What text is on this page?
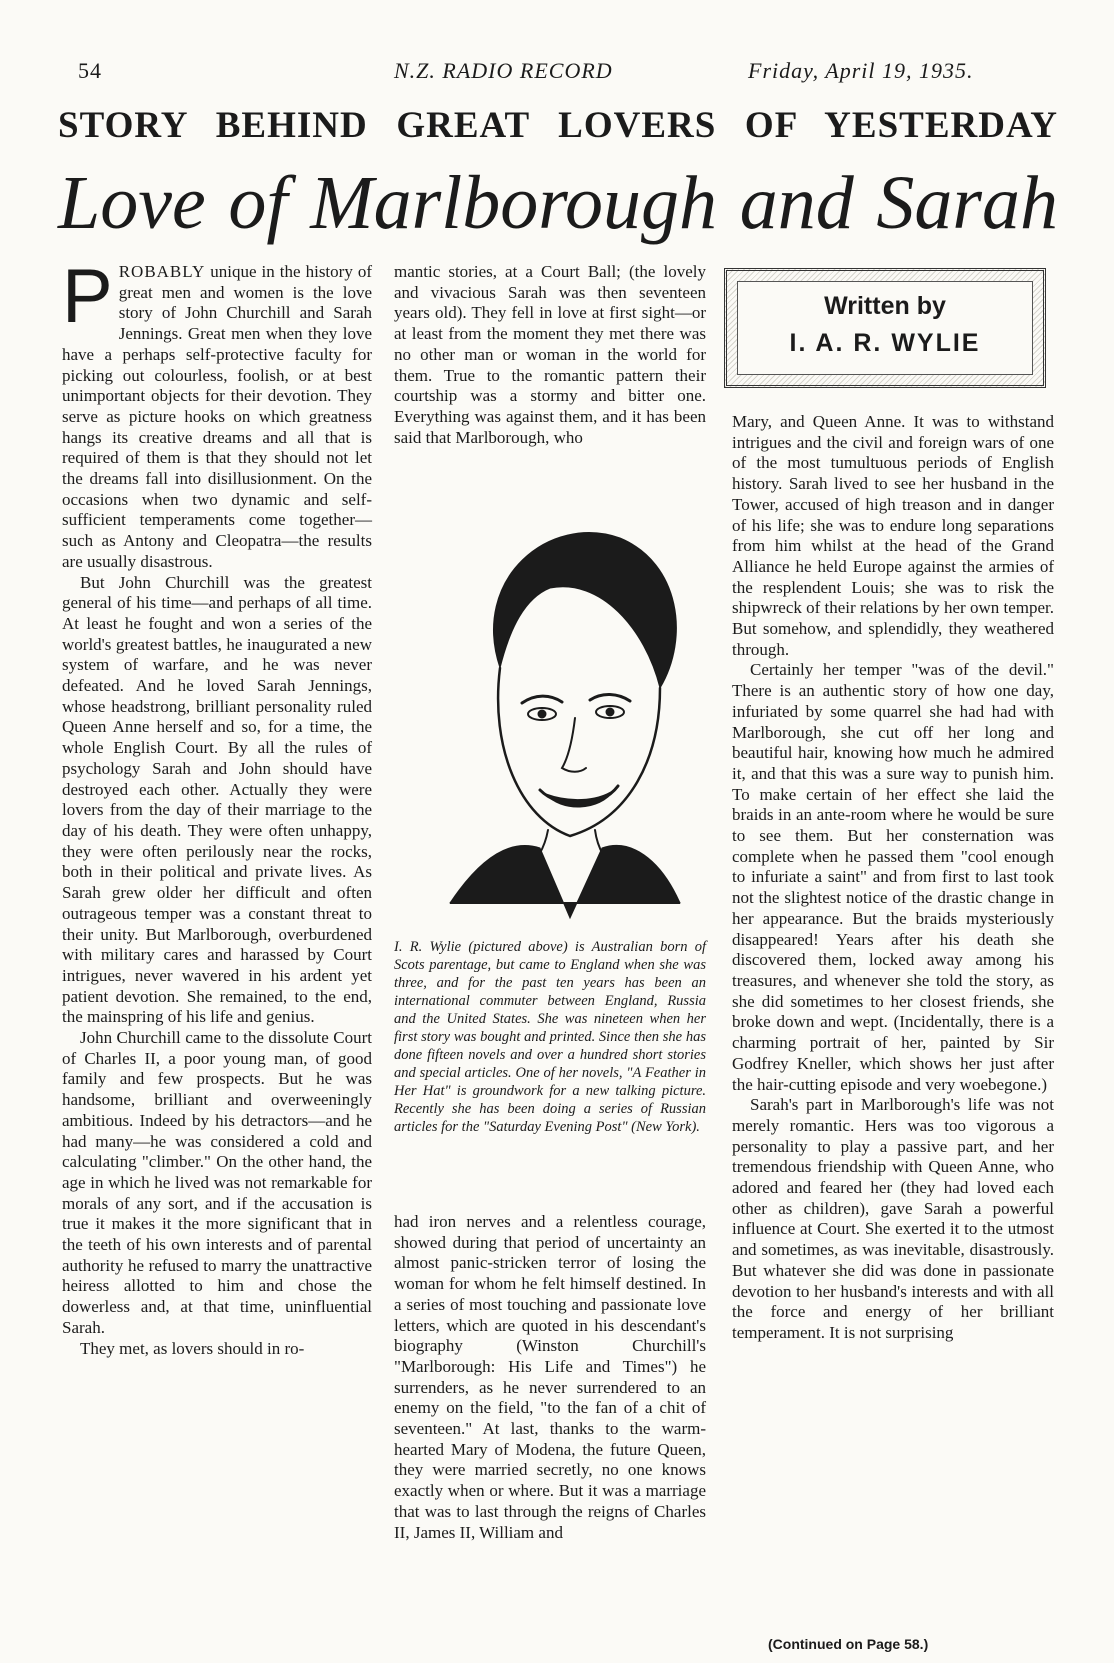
54	N.Z. RADIO RECORD	Friday, April 19, 1935.
STORY BEHIND GREAT LOVERS OF YESTERDAY
Love of Marlborough and Sarah

PROBABLY unique in the history of great men and women is the love story of John Churchill and Sarah Jennings. Great men when they love have a perhaps self-protective faculty for picking out colourless, foolish, or at best unimportant objects for their devotion. They serve as picture hooks on which greatness hangs its creative dreams and all that is required of them is that they should not let the dreams fall into disillusionment. On the occasions when two dynamic and self-sufficient temperaments come together—such as Antony and Cleopatra—the results are usually disastrous.

But John Churchill was the greatest general of his time—and perhaps of all time. At least he fought and won a series of the world's greatest battles, he inaugurated a new system of warfare, and he was never defeated. And he loved Sarah Jennings, whose headstrong, brilliant personality ruled Queen Anne herself and so, for a time, the whole English Court. By all the rules of psychology Sarah and John should have destroyed each other. Actually they were lovers from the day of their marriage to the day of his death. They were often unhappy, they were often perilously near the rocks, both in their political and private lives. As Sarah grew older her difficult and often outrageous temper was a constant threat to their unity. But Marlborough, overburdened with military cares and harassed by Court intrigues, never wavered in his ardent yet patient devotion. She remained, to the end, the mainspring of his life and genius.

John Churchill came to the dissolute Court of Charles II, a poor young man, of good family and few prospects. But he was handsome, brilliant and overweeningly ambitious. Indeed by his detractors—and he had many—he was considered a cold and calculating "climber." On the other hand, the age in which he lived was not remarkable for morals of any sort, and if the accusation is true it makes it the more significant that in the teeth of his own interests and of parental authority he refused to marry the unattractive heiress allotted to him and chose the dowerless and, at that time, uninfluential Sarah.

They met, as lovers should in ro-

mantic stories, at a Court Ball; (the lovely and vivacious Sarah was then seventeen years old). They fell in love at first sight—or at least from the moment they met there was no other man or woman in the world for them. True to the romantic pattern their courtship was a stormy and bitter one. Everything was against them, and it has been said that Marlborough, who

I. R. Wylie (pictured above) is Australian born of Scots parentage, but came to England when she was three, and for the past ten years has been an international commuter between England, Russia and the United States. She was nineteen when her first story was bought and printed. Since then she has done fifteen novels and over a hundred short stories and special articles. One of her novels, "A Feather in Her Hat" is groundwork for a new talking picture. Recently she has been doing a series of Russian articles for the "Saturday Evening Post" (New York).

had iron nerves and a relentless courage, showed during that period of uncertainty an almost panic-stricken terror of losing the woman for whom he felt himself destined. In a series of most touching and passionate love letters, which are quoted in his descendant's biography (Winston Churchill's "Marlborough: His Life and Times") he surrenders, as he never surrendered to an enemy on the field, "to the fan of a chit of seventeen." At last, thanks to the warm-hearted Mary of Modena, the future Queen, they were married secretly, no one knows exactly when or where. But it was a marriage that was to last through the reigns of Charles II, James II, William and

Written by
I. A. R. WYLIE

Mary, and Queen Anne. It was to withstand intrigues and the civil and foreign wars of one of the most tumultuous periods of English history. Sarah lived to see her husband in the Tower, accused of high treason and in danger of his life; she was to endure long separations from him whilst at the head of the Grand Alliance he held Europe against the armies of the resplendent Louis; she was to risk the shipwreck of their relations by her own temper. But somehow, and splendidly, they weathered through.

Certainly her temper "was of the devil." There is an authentic story of how one day, infuriated by some quarrel she had had with Marlborough, she cut off her long and beautiful hair, knowing how much he admired it, and that this was a sure way to punish him. To make certain of her effect she laid the braids in an ante-room where he would be sure to see them. But her consternation was complete when he passed them "cool enough to infuriate a saint" and from first to last took not the slightest notice of the drastic change in her appearance. But the braids mysteriously disappeared! Years after his death she discovered them, locked away among his treasures, and whenever she told the story, as she did sometimes to her closest friends, she broke down and wept. (Incidentally, there is a charming portrait of her, painted by Sir Godfrey Kneller, which shows her just after the hair-cutting episode and very woebegone.)

Sarah's part in Marlborough's life was not merely romantic. Hers was too vigorous a personality to play a passive part, and her tremendous friendship with Queen Anne, who adored and feared her (they had loved each other as children), gave Sarah a powerful influence at Court. She exerted it to the utmost and sometimes, as was inevitable, disastrously. But whatever she did was done in passionate devotion to her husband's interests and with all the force and energy of her brilliant temperament. It is not surprising

(Continued on Page 58.)
